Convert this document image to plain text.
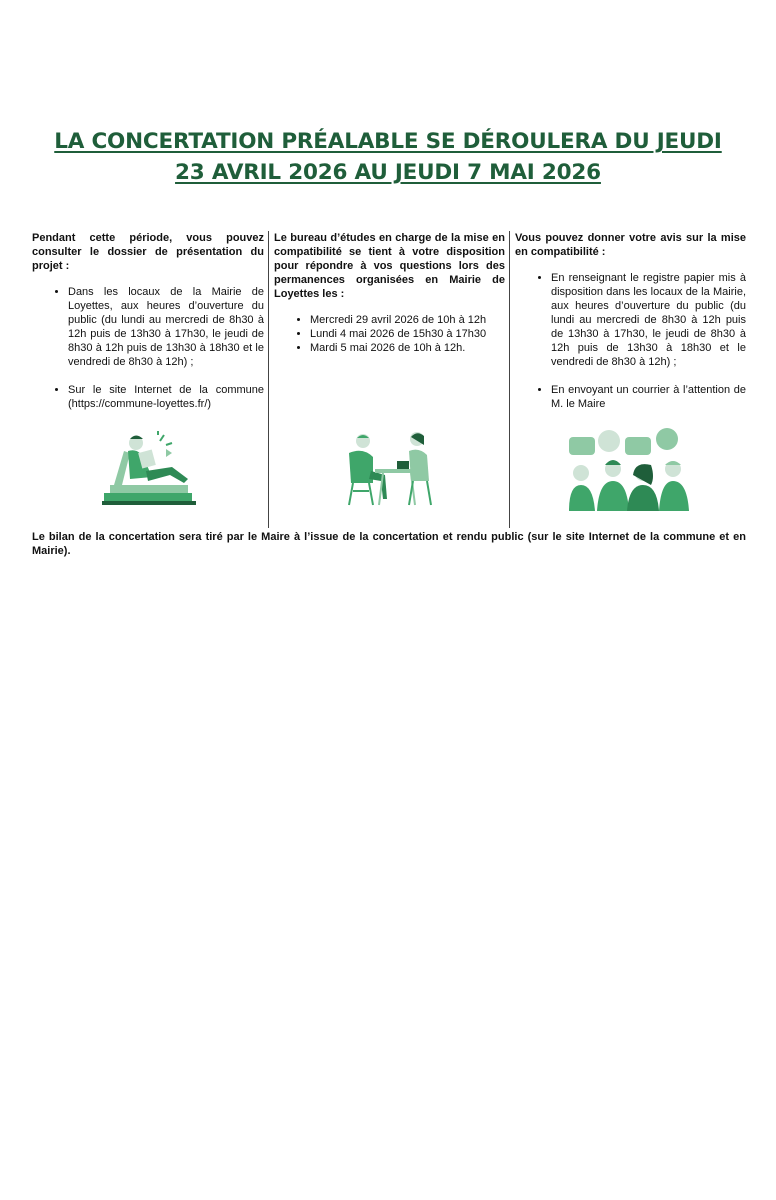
LA CONCERTATION PRÉALABLE SE DÉROULERA DU JEUDI
23 AVRIL 2026 AU JEUDI 7 MAI 2026

Pendant cette période, vous pouvez consulter le dossier de présentation du projet :

• Dans les locaux de la Mairie de Loyettes, aux heures d’ouverture du public (du lundi au mercredi de 8h30 à 12h puis de 13h30 à 17h30, le jeudi de 8h30 à 12h puis de 13h30 à 18h30 et le vendredi de 8h30 à 12h) ;
• Sur le site Internet de la commune (https://commune-loyettes.fr/)

Le bureau d’études en charge de la mise en compatibilité se tient à votre disposition pour répondre à vos questions lors des permanences organisées en Mairie de Loyettes les :

• Mercredi 29 avril 2026 de 10h à 12h
• Lundi 4 mai 2026 de 15h30 à 17h30
• Mardi 5 mai 2026 de 10h à 12h.

Vous pouvez donner votre avis sur la mise en compatibilité :

• En renseignant le registre papier mis à disposition dans les locaux de la Mairie, aux heures d’ouverture du public (du lundi au mercredi de 8h30 à 12h puis de 13h30 à 17h30, le jeudi de 8h30 à 12h puis de 13h30 à 18h30 et le vendredi de 8h30 à 12h) ;
• En envoyant un courrier à l’attention de M. le Maire

Le bilan de la concertation sera tiré par le Maire à l’issue de la concertation et rendu public (sur le site Internet de la commune et en Mairie).
